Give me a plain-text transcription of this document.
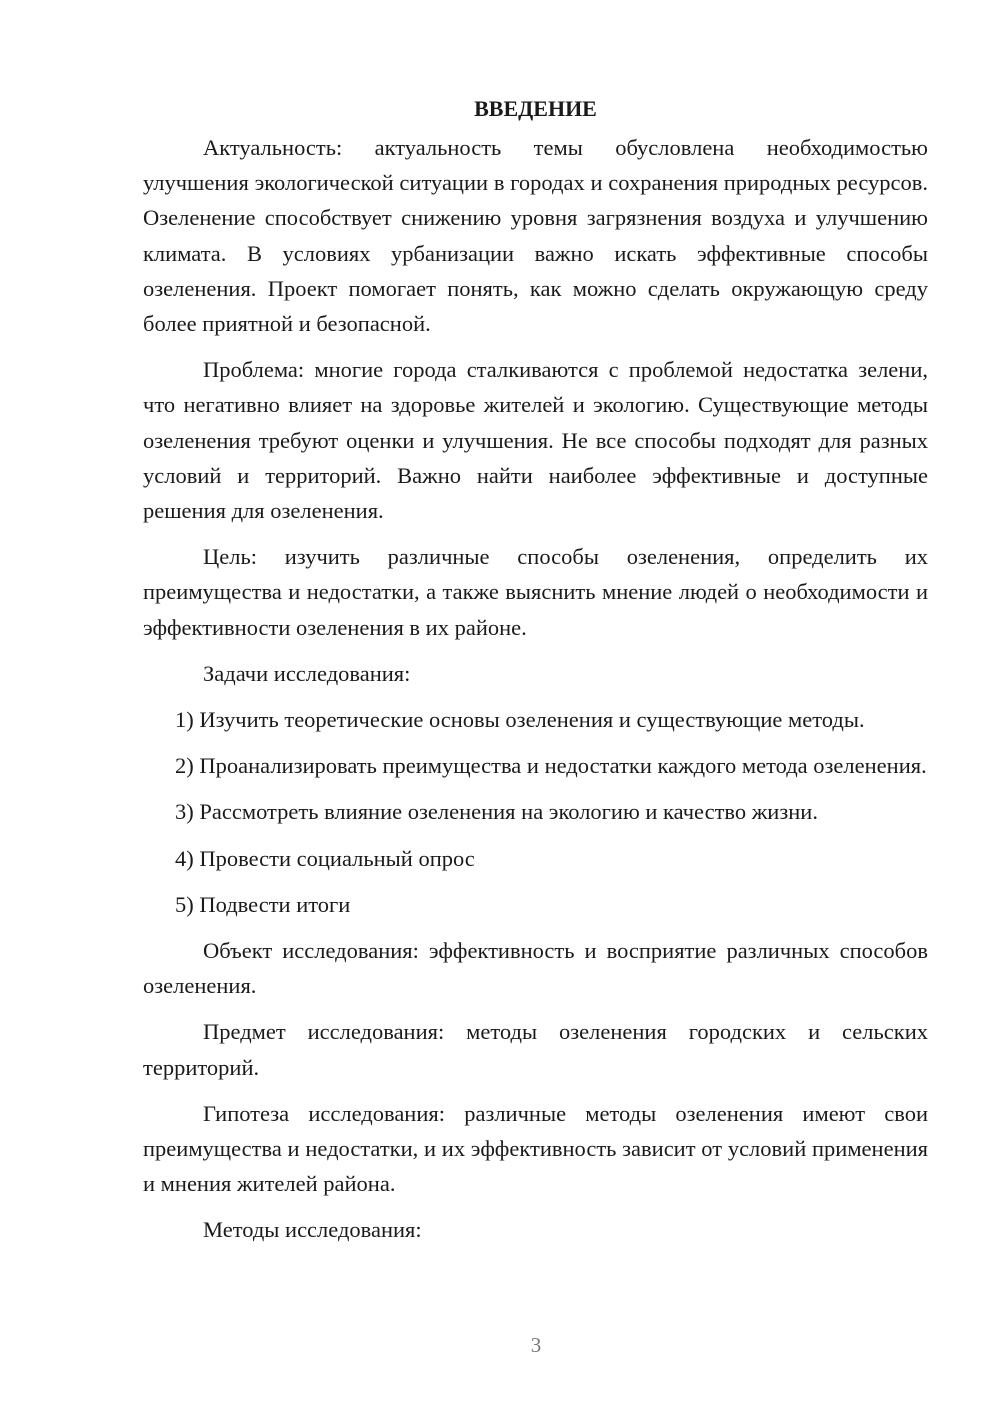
ВВЕДЕНИЕ

Актуальность: актуальность темы обусловлена необходимостью улучшения экологической ситуации в городах и сохранения природных ресурсов. Озеленение способствует снижению уровня загрязнения воздуха и улучшению климата. В условиях урбанизации важно искать эффективные способы озеленения. Проект помогает понять, как можно сделать окружающую среду более приятной и безопасной.

Проблема: многие города сталкиваются с проблемой недостатка зелени, что негативно влияет на здоровье жителей и экологию. Существующие методы озеленения требуют оценки и улучшения. Не все способы подходят для разных условий и территорий. Важно найти наиболее эффективные и доступные решения для озеленения.

Цель: изучить различные способы озеленения, определить их преимущества и недостатки, а также выяснить мнение людей о необходимости и эффективности озеленения в их районе.

Задачи исследования:

1) Изучить теоретические основы озеленения и существующие методы.

2) Проанализировать преимущества и недостатки каждого метода озеленения.

3) Рассмотреть влияние озеленения на экологию и качество жизни.

4) Провести социальный опрос

5) Подвести итоги

Объект исследования: эффективность и восприятие различных способов озеленения.

Предмет исследования: методы озеленения городских и сельских территорий.

Гипотеза исследования: различные методы озеленения имеют свои преимущества и недостатки, и их эффективность зависит от условий применения и мнения жителей района.

Методы исследования:

3
